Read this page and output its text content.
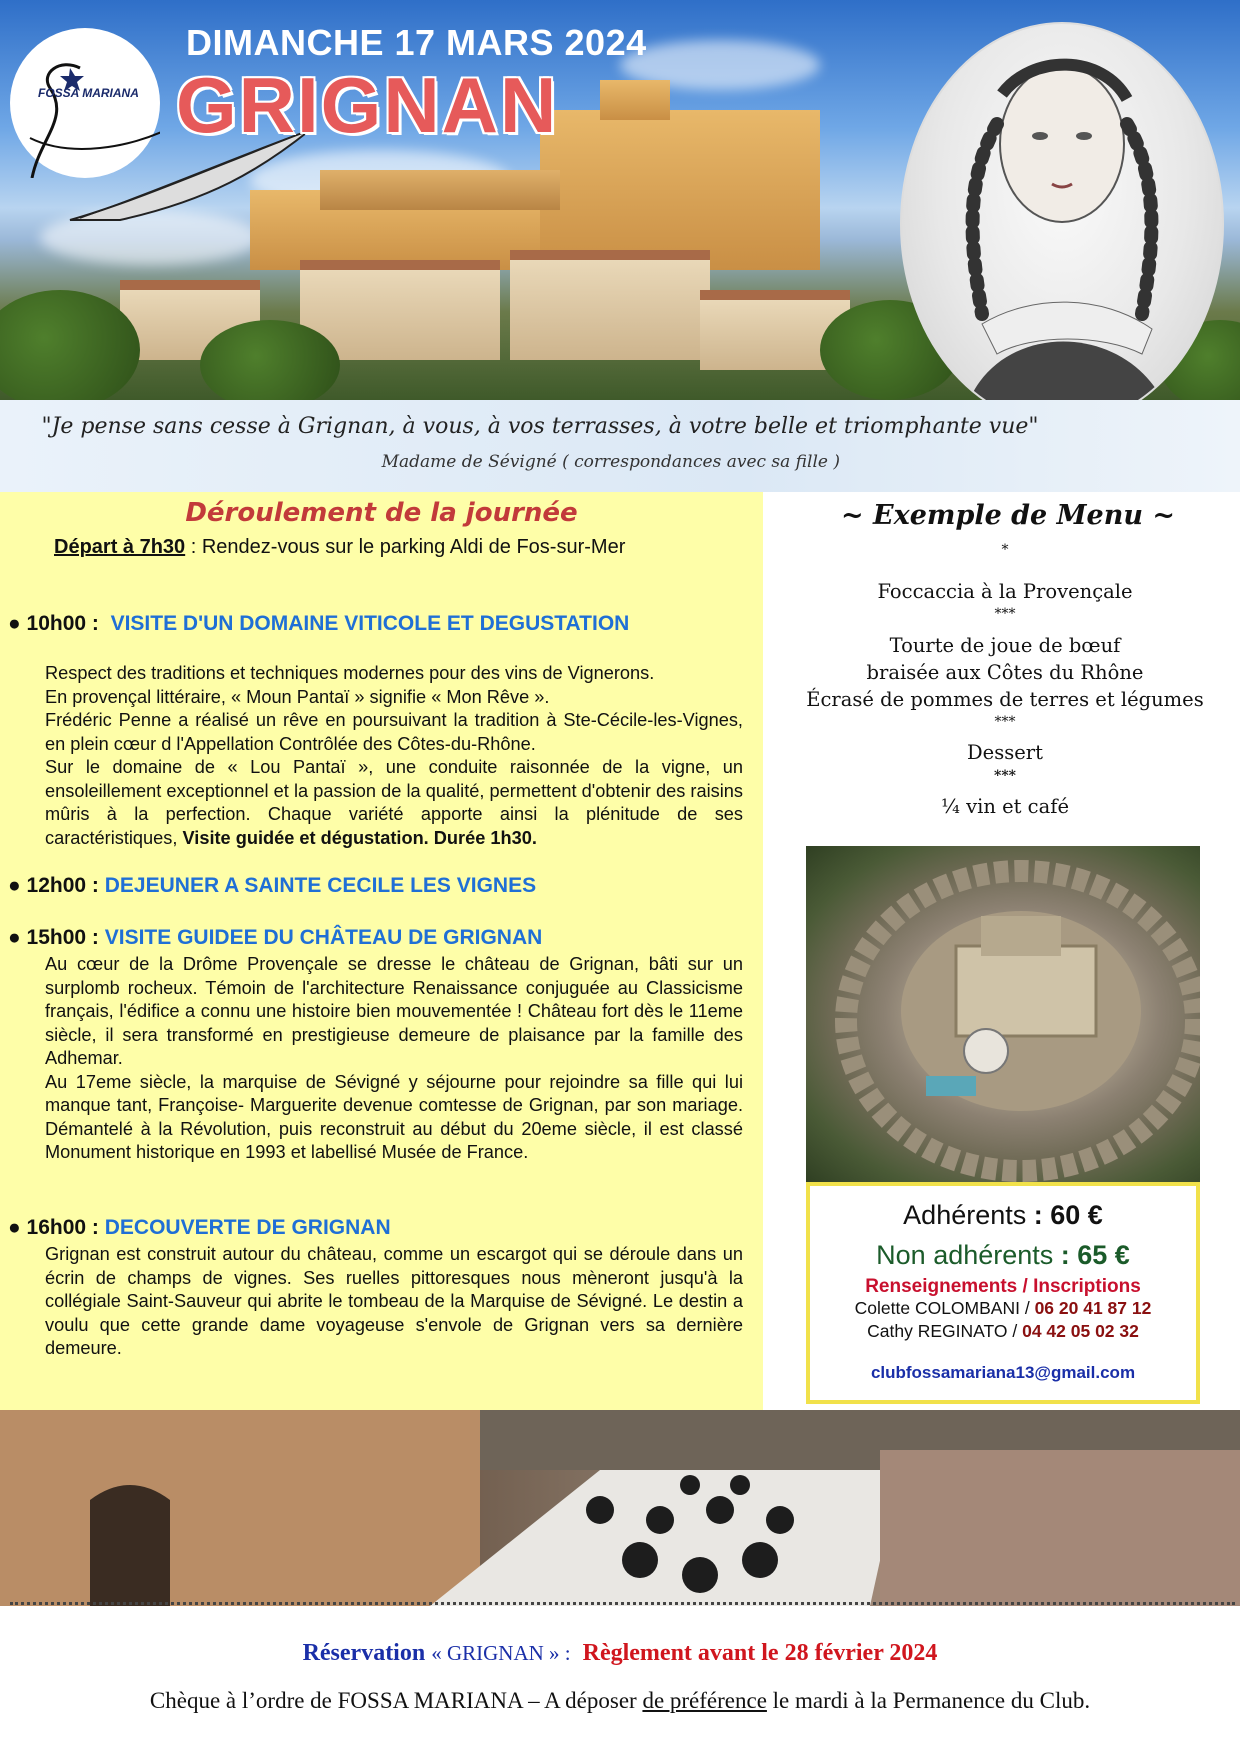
FOSSA MARIANA
DIMANCHE 17 MARS 2024
GRIGNAN
"Je pense sans cesse à Grignan, à vous, à vos terrasses, à votre belle et triomphante vue"
Madame de Sévigné ( correspondances avec sa fille )
Déroulement de la journée
Départ à 7h30 : Rendez-vous sur le parking Aldi de Fos-sur-Mer
● 10h00 : VISITE D'UN DOMAINE VITICOLE ET DEGUSTATION
Respect des traditions et techniques modernes pour des vins de Vignerons.
En provençal littéraire, « Moun Pantaï » signifie « Mon Rêve ».
Frédéric Penne a réalisé un rêve en poursuivant la tradition à Ste-Cécile-les-Vignes, en plein cœur d l'Appellation Contrôlée des Côtes-du-Rhône.
Sur le domaine de « Lou Pantaï », une conduite raisonnée de la vigne, un ensoleillement exceptionnel et la passion de la qualité, permettent d'obtenir des raisins mûris à la perfection. Chaque variété apporte ainsi la plénitude de ses caractéristiques, Visite guidée et dégustation. Durée 1h30.
● 12h00 : DEJEUNER A SAINTE CECILE LES VIGNES
● 15h00 : VISITE GUIDEE DU CHÂTEAU DE GRIGNAN
Au cœur de la Drôme Provençale se dresse le château de Grignan, bâti sur un surplomb rocheux. Témoin de l'architecture Renaissance conjuguée au Classicisme français, l'édifice a connu une histoire bien mouvementée ! Château fort dès le 11eme siècle, il sera transformé en prestigieuse demeure de plaisance par la famille des Adhemar.
Au 17eme siècle, la marquise de Sévigné y séjourne pour rejoindre sa fille qui lui manque tant, Françoise- Marguerite devenue comtesse de Grignan, par son mariage. Démantelé à la Révolution, puis reconstruit au début du 20eme siècle, il est classé Monument historique en 1993 et labellisé Musée de France.
● 16h00 : DECOUVERTE DE GRIGNAN
Grignan est construit autour du château, comme un escargot qui se déroule dans un écrin de champs de vignes. Ses ruelles pittoresques nous mèneront jusqu'à la collégiale Saint-Sauveur qui abrite le tombeau de la Marquise de Sévigné. Le destin a voulu que cette grande dame voyageuse s'envole de Grignan vers sa dernière demeure.
~ Exemple de Menu ~
*
Foccaccia à la Provençale
***
Tourte de joue de bœuf
braisée aux Côtes du Rhône
Écrasé de pommes de terres et légumes
***
Dessert
***
¼ vin et café
Adhérents : 60 €
Non adhérents : 65 €
Renseignements / Inscriptions
Colette COLOMBANI / 06 20 41 87 12
Cathy REGINATO / 04 42 05 02 32
clubfossamariana13@gmail.com
Réservation « GRIGNAN » : Règlement avant le 28 février 2024
Chèque à l’ordre de FOSSA MARIANA – A déposer de préférence le mardi à la Permanence du Club.
